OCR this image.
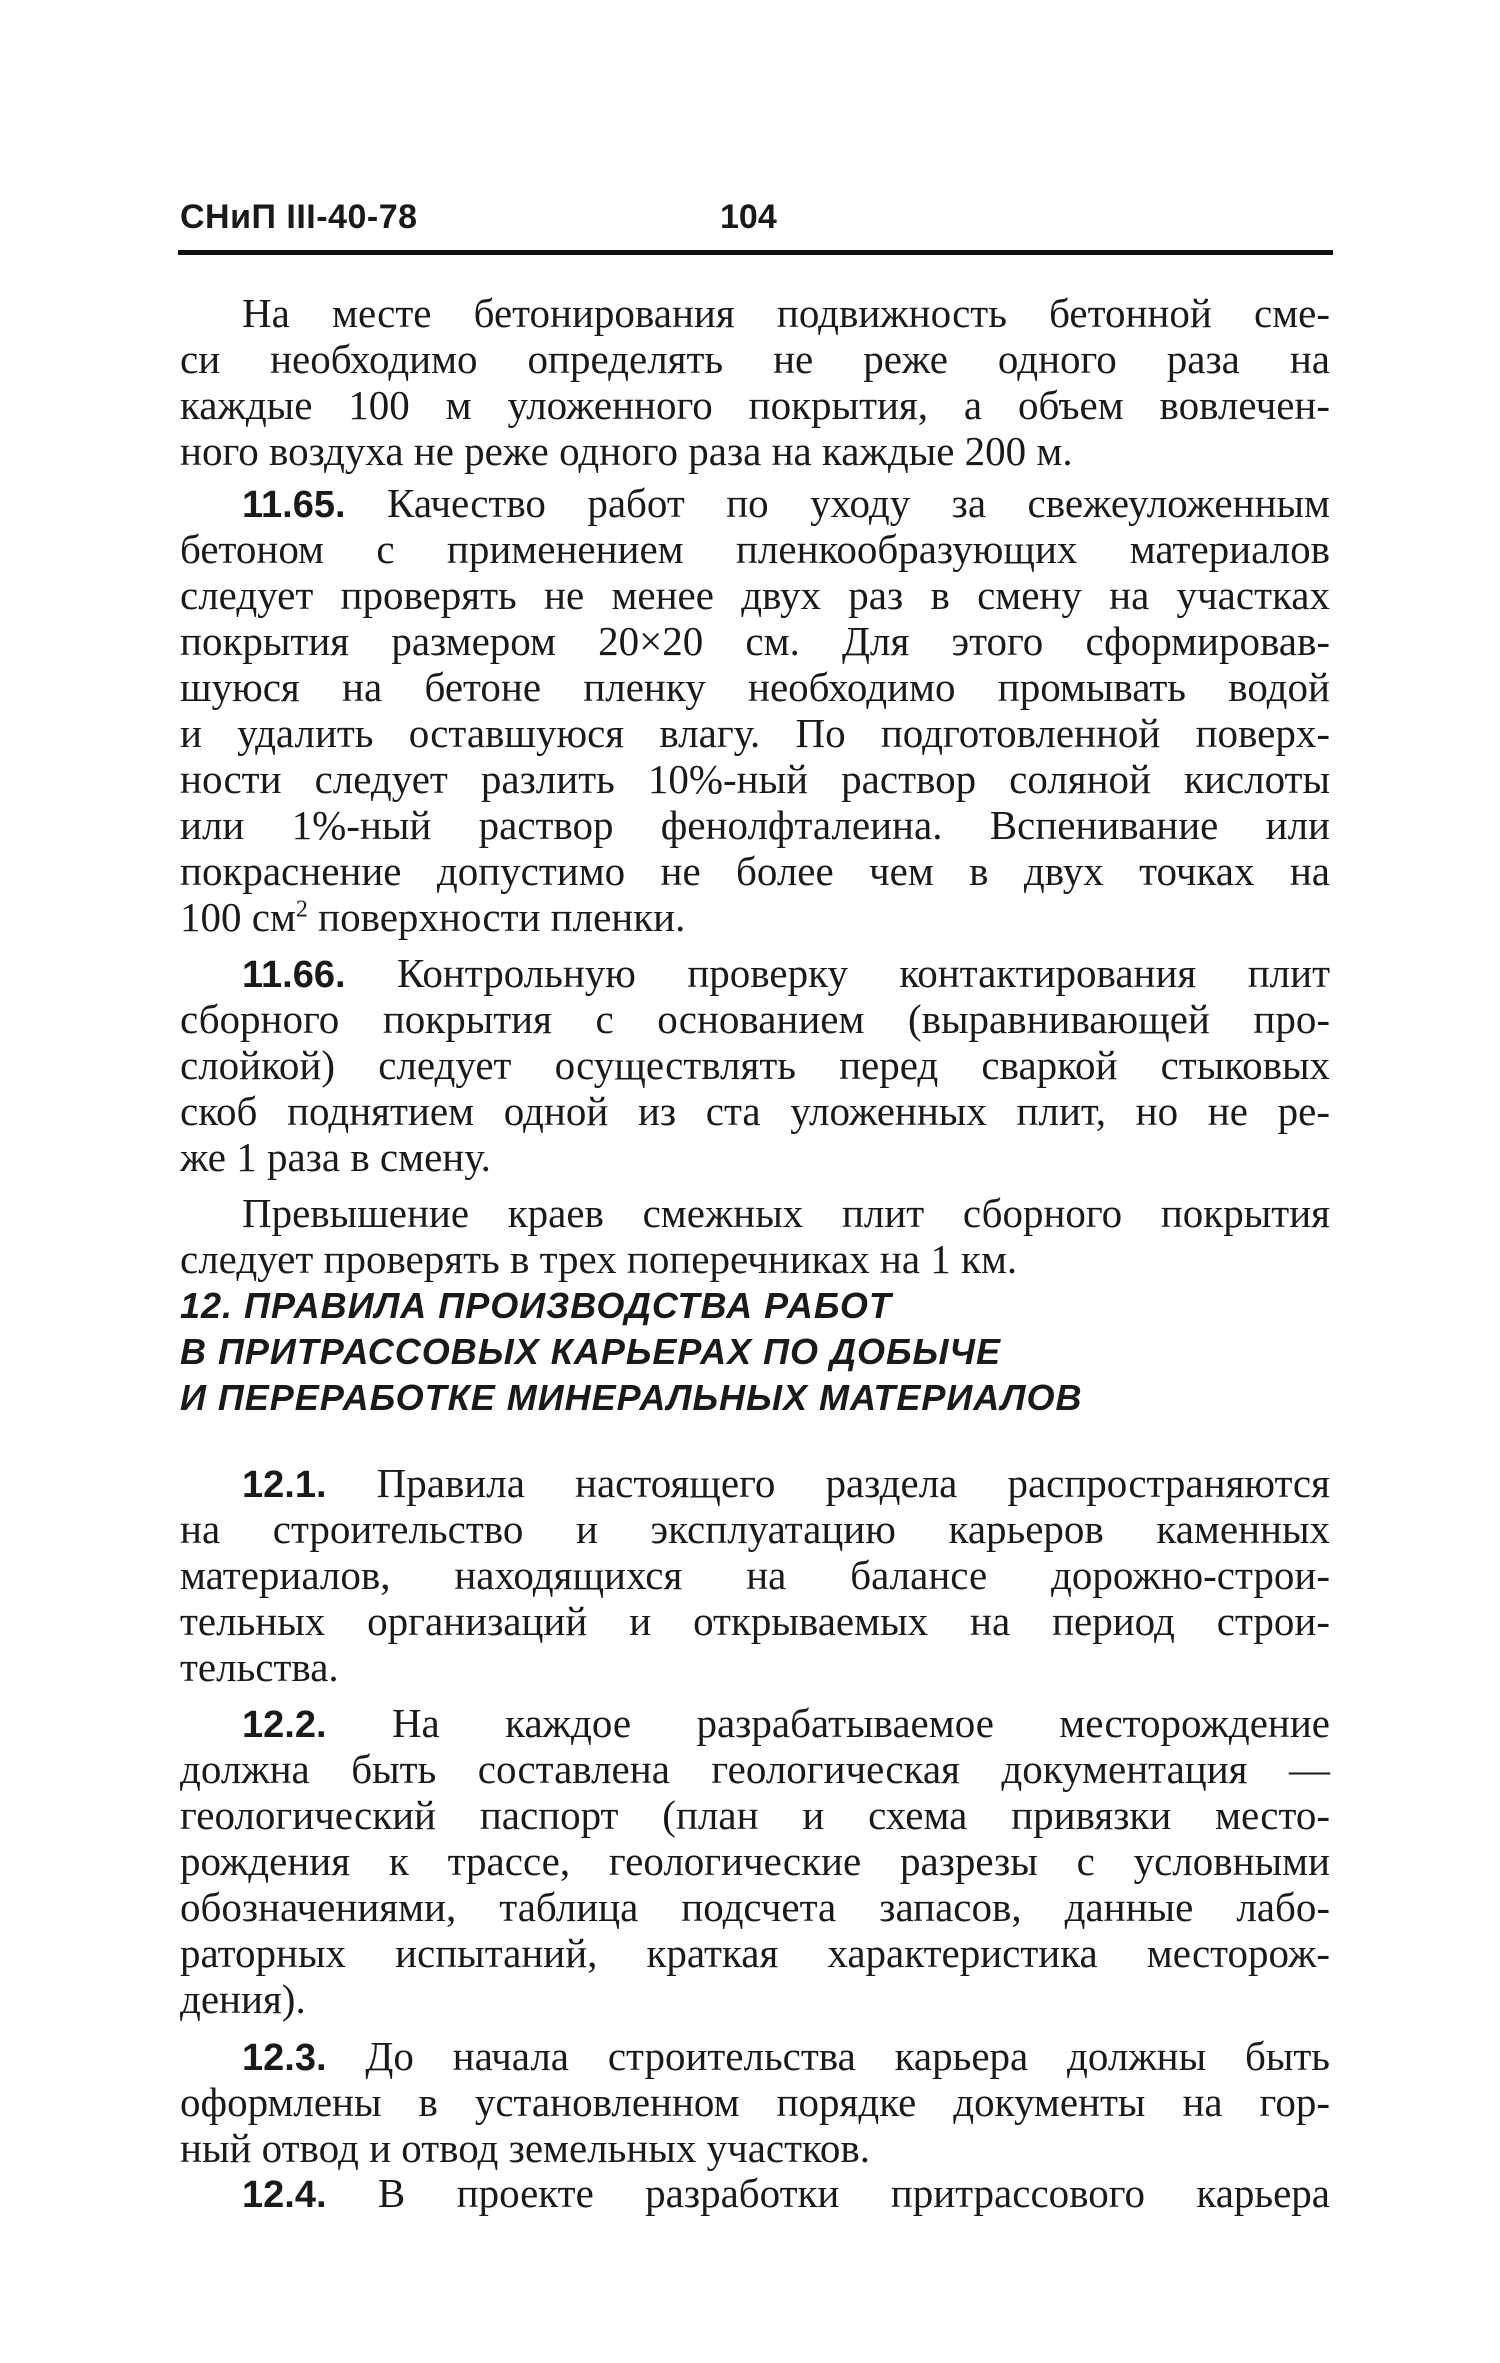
СНиП III-40-78	104
На месте бетонирования подвижность бетонной сме-
си необходимо определять не реже одного раза на
каждые 100 м уложенного покрытия, а объем вовлечен-
ного воздуха не реже одного раза на каждые 200 м.
11.65. Качество работ по уходу за свежеуложенным
бетоном с применением пленкообразующих материалов
следует проверять не менее двух раз в смену на участках
покрытия размером 20×20 см. Для этого сформировав-
шуюся на бетоне пленку необходимо промывать водой
и удалить оставшуюся влагу. По подготовленной поверх-
ности следует разлить 10%-ный раствор соляной кислоты
или 1%-ный раствор фенолфталеина. Вспенивание или
покраснение допустимо не более чем в двух точках на
100 $см^2$ поверхности пленки.
11.66. Контрольную проверку контактирования плит
сборного покрытия с основанием (выравнивающей про-
слойкой) следует осуществлять перед сваркой стыковых
скоб поднятием одной из ста уложенных плит, но не ре-
же 1 раза в смену.
Превышение краев смежных плит сборного покрытия
следует проверять в трех поперечниках на 1 км.
12. ПРАВИЛА ПРОИЗВОДСТВА РАБОТ
В ПРИТРАССОВЫХ КАРЬЕРАХ ПО ДОБЫЧЕ
И ПЕРЕРАБОТКЕ МИНЕРАЛЬНЫХ МАТЕРИАЛОВ
12.1. Правила настоящего раздела распространяются
на строительство и эксплуатацию карьеров каменных
материалов, находящихся на балансе дорожно-строи-
тельных организаций и открываемых на период строи-
тельства.
12.2. На каждое разрабатываемое месторождение
должна быть составлена геологическая документация —
геологический паспорт (план и схема привязки место-
рождения к трассе, геологические разрезы с условными
обозначениями, таблица подсчета запасов, данные лабо-
раторных испытаний, краткая характеристика месторож-
дения).
12.3. До начала строительства карьера должны быть
оформлены в установленном порядке документы на гор-
ный отвод и отвод земельных участков.
12.4. В проекте разработки притрассового карьера
